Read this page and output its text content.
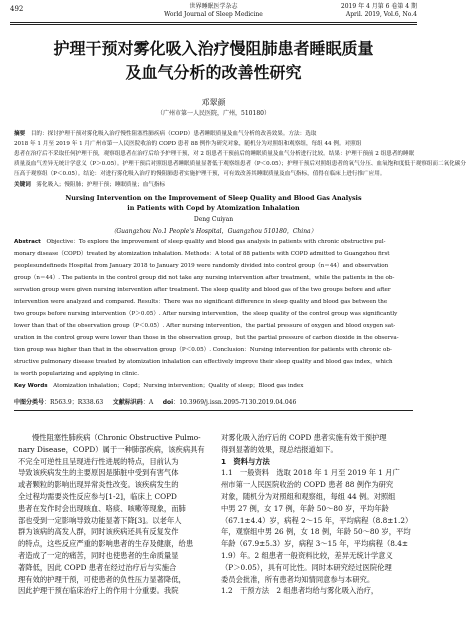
492	世界睡眠医学杂志
World Journal of Sleep Medicine
2019 年 4 月第 6 卷第 4 期
April. 2019, Vol.6, No.4
护理干预对雾化吸入治疗慢阻肺患者睡眠质量
及血气分析的改善性研究
邓翠颜
（广州市第一人民医院，广州，510180）
摘要　 目的：探讨护理干预对雾化吸入治疗慢性阻塞性肺疾病（COPD）患者睡眠质量及血气分析的改善效果。方法：选取
2018 年 1 月至 2019 年 1 月广州市第一人民医院收治的 COPD 患者 88 例作为研究对象，随机分为对照组和观察组，每组 44 例。对照组
患者在治疗后不采取任何护理干预，观察组患者在治疗后给予护理干预，对 2 组患者干预前后的睡眠质量及血气分析进行比较。结果：护理干预前 2 组患者的睡眠
质量及血气差异无统计学意义（P＞0.05）。护理干预后对照组患者睡眠质量显著低于观察组患者（P＜0.05）；护理干预后对照组患者的氧气分压、血氧饱和度低于观察组而二氧化碳分
压高于观察组（P＜0.05）。结论：对进行雾化吸入治疗的慢阻肺患者实施护理干预，可有效改善其睡眠质量及血气指标，值得在临床上进行推广应用。
关键词　 雾化吸入；慢阻肺；护理干预；睡眠质量；血气指标
Nursing Intervention on the Improvement of Sleep Quality and Blood Gas Analysis
in Patients with Copd by Atomization Inhalation
Deng Cuiyan
（Guangzhou No.1 People's Hospital，Guangzhou 510180，China）
Abstract　 Objective：To explore the improvement of sleep quality and blood gas analysis in patients with chronic obstructive pul-
monary disease（COPD）treated by atomization inhalation. Methods：A total of 88 patients with COPD admitted to Guangzhou first
peoplesundefineds Hospital from January 2018 to January 2019 were randomly divided into control group（n＝44）and observation
group（n＝44）. The patients in the control group did not take any nursing intervention after treatment，while the patients in the ob-
servation group were given nursing intervention after treatment. The sleep quality and blood gas of the two groups before and after
intervention were analyzed and compared. Results：There was no significant difference in sleep quality and blood gas between the
two groups before nursing intervention（P＞0.05）. After nursing intervention，the sleep quality of the control group was significantly
lower than that of the observation group（P＜0.05）. After nursing intervention，the partial pressure of oxygen and blood oxygen sat-
uration in the control group were lower than those in the observation group，but the partial pressure of carbon dioxide in the observa-
tion group was higher than that in the observation group（P＜0.05）. Conclusion：Nursing intervention for patients with chronic ob-
structive pulmonary disease treated by atomization inhalation can effectively improve their sleep quality and blood gas index，which
is worth popularizing and applying in clinic.
Key Words　 Atomization inhalation；Copd；Nursing intervention；Quality of sleep；Blood gas index
中图分类号：R563.9；R338.63 文献标识码：A doi：10.3969/j.issn.2095-7130.2019.04.046
慢性阻塞性肺疾病（Chronic Obstructive Pulmo-
nary Disease，COPD）属于一种肺部疾病，该疾病具有
不完全可逆性且呈现进行性进展的特点，目前认为
导致该疾病发生的主要原因是肺脏中受到有害气体
或者颗粒的影响出现异常炎性改变。该疾病发生的
全过程均需要炎性反应参与[1-2]，临床上 COPD
患者在发作时会出现咳血、咯痰、咳嗽等现象，而肺
部也受到一定影响导致功能显著下降[3]。以老年人
群为该病的高发人群，同时该疾病还具有反复发作
的特点，这些反应严重的影响患者的生存及健康，给患
者造成了一定的痛苦，同时也使患者的生命质量显
著降低，因此 COPD 患者在经过治疗后与实施合
理有效的护理干预，可使患者的负性压力显著降低，
因此护理干预在临床治疗上的作用十分重要。我院
对雾化吸入治疗后的 COPD 患者实施有效干预护理
得到显著的效果，现总结报道如下。
1　资料与方法
1.1　一般资料　选取 2018 年 1 月至 2019 年 1 月广
州市第一人民医院收治的 COPD 患者 88 例作为研究
对象，随机分为对照组和观察组，每组 44 例。对照组
中男 27 例，女 17 例，年龄 50～80 岁，平均年龄
（67.1±4.4）岁，病程 2～15 年，平均病程（8.8±1.2）
年，观察组中男 26 例，女 18 例，年龄 50～80 岁，平均
年龄（67.9±5.3）岁，病程 3～15 年，平均病程（8.4±
1.9）年。2 组患者一般资料比较，差异无统计学意义
（P＞0.05），具有可比性。同时本研究经过医院伦理
委员会批准，所有患者均知情同意参与本研究。
1.2　干预方法　2 组患者均给与雾化吸入治疗，
